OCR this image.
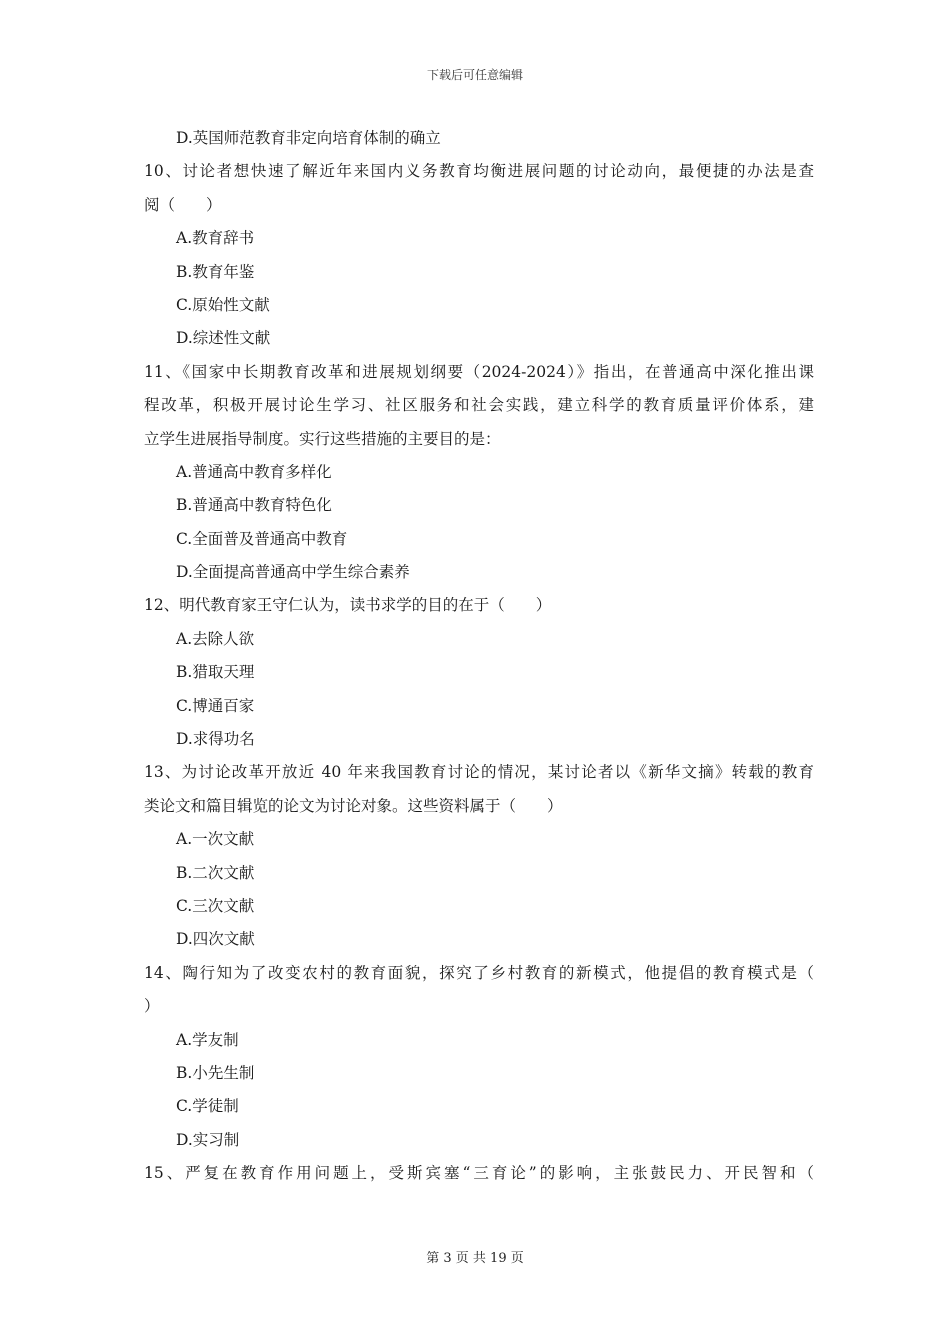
下载后可任意编辑
D.英国师范教育非定向培育体制的确立
10、讨论者想快速了解近年来国内义务教育均衡进展问题的讨论动向，最便捷的办法是查
阅（　　）
A.教育辞书
B.教育年鉴
C.原始性文献
D.综述性文献
11、《国家中长期教育改革和进展规划纲要（2024-2024）》指出，在普通高中深化推出课
程改革，积极开展讨论生学习、社区服务和社会实践，建立科学的教育质量评价体系，建
立学生进展指导制度。实行这些措施的主要目的是：
A.普通高中教育多样化
B.普通高中教育特色化
C.全面普及普通高中教育
D.全面提高普通高中学生综合素养
12、明代教育家王守仁认为，读书求学的目的在于（　　）
A.去除人欲
B.猎取天理
C.博通百家
D.求得功名
13、为讨论改革开放近 40 年来我国教育讨论的情况，某讨论者以《新华文摘》转载的教育
类论文和篇目辑览的论文为讨论对象。这些资料属于（　　）
A.一次文献
B.二次文献
C.三次文献
D.四次文献
14、陶行知为了改变农村的教育面貌，探究了乡村教育的新模式，他提倡的教育模式是（
）
A.学友制
B.小先生制
C.学徒制
D.实习制
15、严复在教育作用问题上，受斯宾塞“三育论”的影响，主张鼓民力、开民智和（
第 3 页 共 19 页
